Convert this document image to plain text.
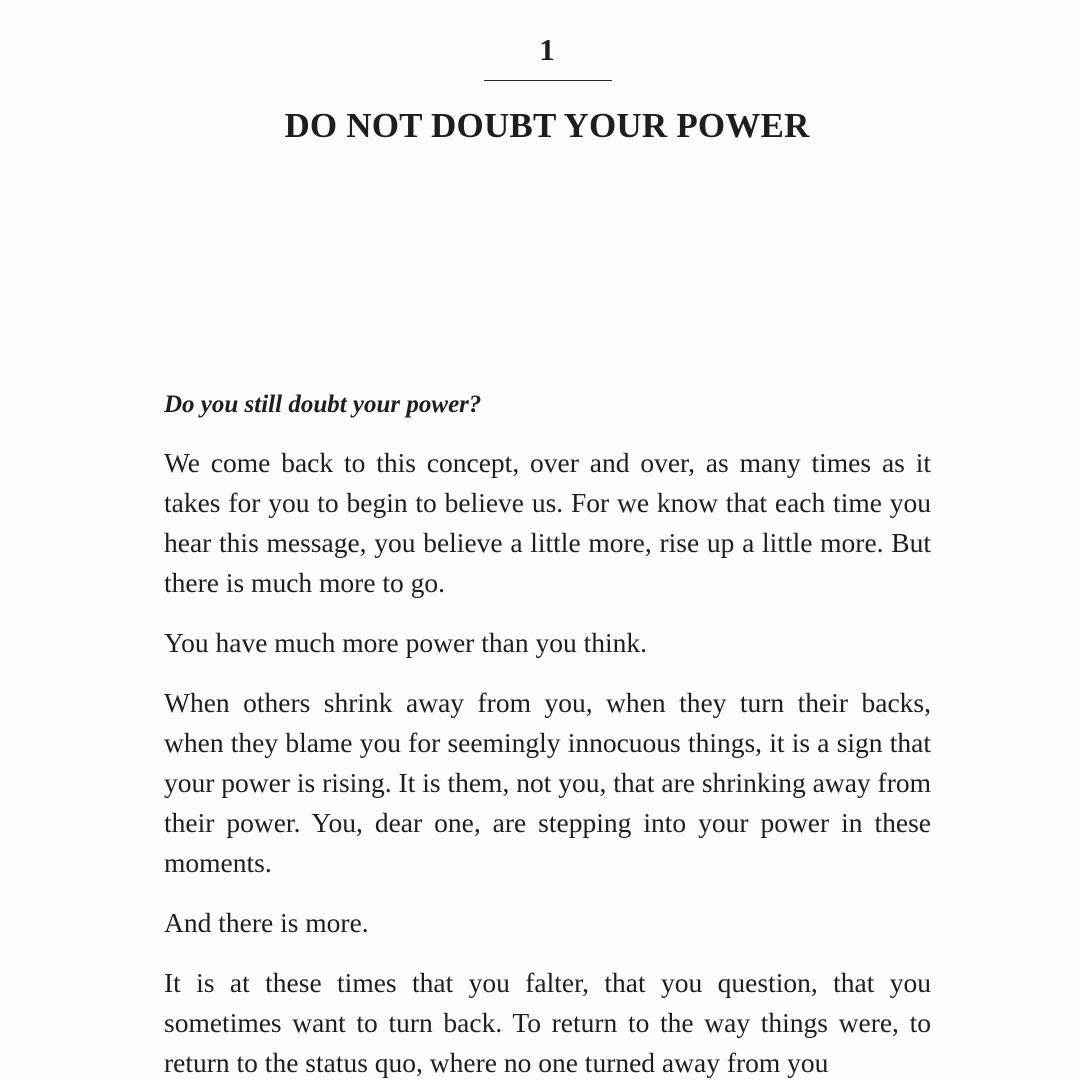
1
DO NOT DOUBT YOUR POWER

Do you still doubt your power?

We come back to this concept, over and over, as many times as it takes for you to begin to believe us. For we know that each time you hear this message, you believe a little more, rise up a little more. But there is much more to go.

You have much more power than you think.

When others shrink away from you, when they turn their backs, when they blame you for seemingly innocuous things, it is a sign that your power is rising. It is them, not you, that are shrinking away from their power. You, dear one, are stepping into your power in these moments.

And there is more.

It is at these times that you falter, that you question, that you sometimes want to turn back. To return to the way things were, to return to the status quo, where no one turned away from you
